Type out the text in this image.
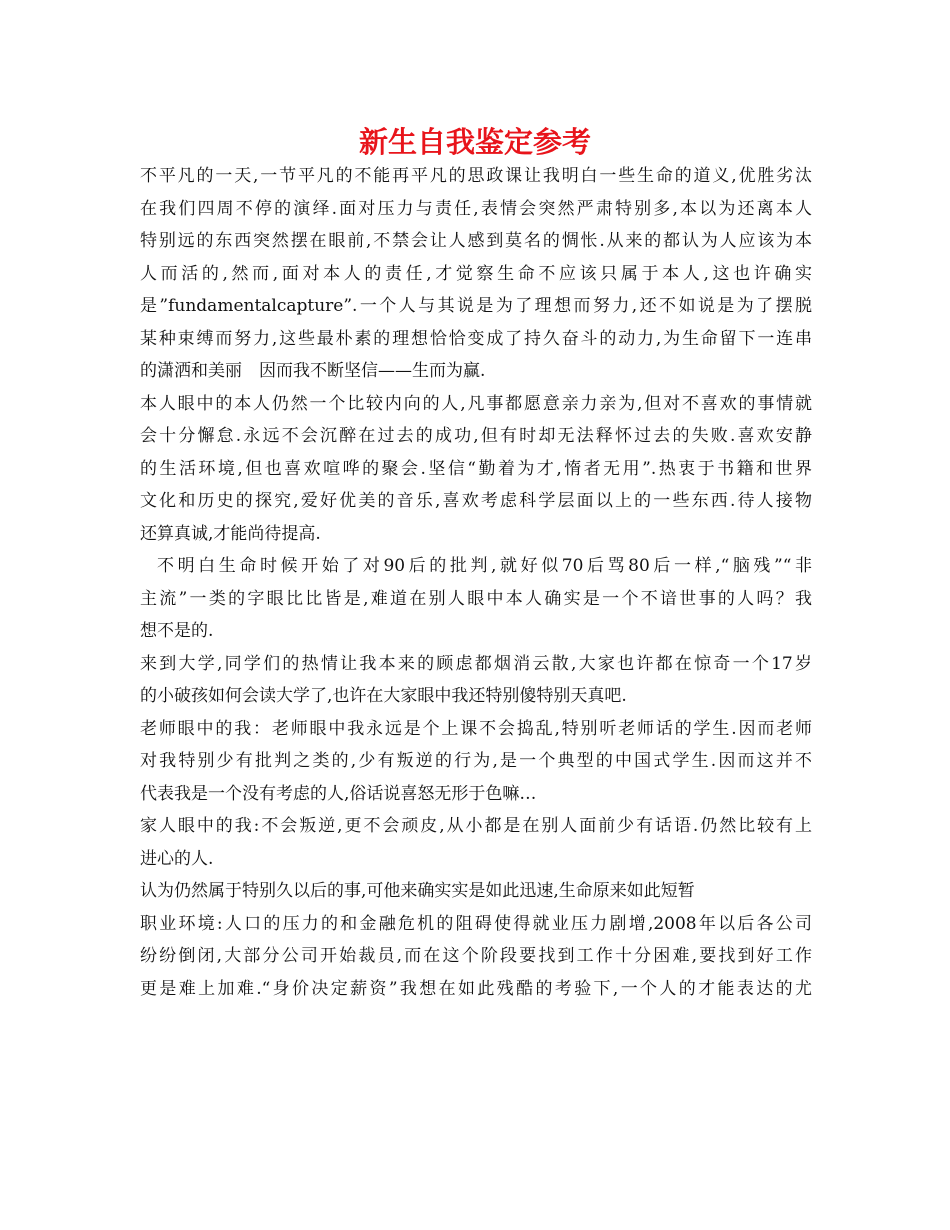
新生自我鉴定参考
不平凡的一天,一节平凡的不能再平凡的思政课让我明白一些生命的道义,优胜劣汰
在我们四周不停的演绎.面对压力与责任,表情会突然严肃特别多,本以为还离本人
特别远的东西突然摆在眼前,不禁会让人感到莫名的惆怅.从来的都认为人应该为本
人而活的,然而,面对本人的责任,才觉察生命不应该只属于本人,这也许确实
是”fundamentalcapture”.一个人与其说是为了理想而努力,还不如说是为了摆脱
某种束缚而努力,这些最朴素的理想恰恰变成了持久奋斗的动力,为生命留下一连串
的潇洒和美丽　因而我不断坚信——生而为赢.
本人眼中的本人仍然一个比较内向的人,凡事都愿意亲力亲为,但对不喜欢的事情就
会十分懈怠.永远不会沉醉在过去的成功,但有时却无法释怀过去的失败.喜欢安静
的生活环境,但也喜欢喧哗的聚会.坚信“勤着为才,惰者无用”.热衷于书籍和世界
文化和历史的探究,爱好优美的音乐,喜欢考虑科学层面以上的一些东西.待人接物
还算真诚,才能尚待提高.
不明白生命时候开始了对90后的批判,就好似70后骂80后一样,“脑残”“非
主流”一类的字眼比比皆是,难道在别人眼中本人确实是一个不谙世事的人吗？我
想不是的.
来到大学,同学们的热情让我本来的顾虑都烟消云散,大家也许都在惊奇一个17岁
的小破孩如何会读大学了,也许在大家眼中我还特别傻特别天真吧.
老师眼中的我：老师眼中我永远是个上课不会捣乱,特别听老师话的学生.因而老师
对我特别少有批判之类的,少有叛逆的行为,是一个典型的中国式学生.因而这并不
代表我是一个没有考虑的人,俗话说喜怒无形于色嘛…
家人眼中的我:不会叛逆,更不会顽皮,从小都是在别人面前少有话语.仍然比较有上
进心的人.
认为仍然属于特别久以后的事,可他来确实实是如此迅速,生命原来如此短暂
职业环境:人口的压力的和金融危机的阻碍使得就业压力剧增,2008年以后各公司
纷纷倒闭,大部分公司开始裁员,而在这个阶段要找到工作十分困难,要找到好工作
更是难上加难.“身价决定薪资”我想在如此残酷的考验下,一个人的才能表达的尤
